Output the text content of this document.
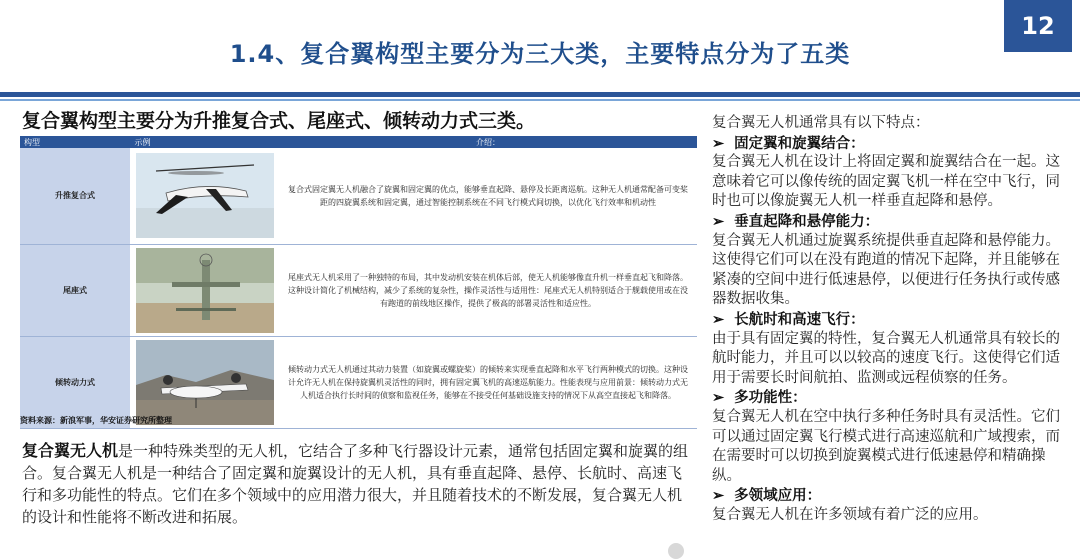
12
1.4、复合翼构型主要分为三大类，主要特点分为了五类
复合翼构型主要分为升推复合式、尾座式、倾转动力式三类。
构型	示例	介绍：
升推复合式		复合式固定翼无人机融合了旋翼和固定翼的优点，能够垂直起降、悬停及长距离巡航。这种无人机通常配备可变桨距的四旋翼系统和固定翼，通过智能控制系统在不同飞行模式间切换，以优化飞行效率和机动性
尾座式		尾座式无人机采用了一种独特的布局，其中发动机安装在机体后部，使无人机能够像直升机一样垂直起飞和降落。这种设计简化了机械结构，减少了系统的复杂性，操作灵活性与适用性：尾座式无人机特别适合于舰载使用或在没有跑道的前线地区操作，提供了极高的部署灵活性和适应性。
倾转动力式		倾转动力式无人机通过其动力装置（如旋翼或螺旋桨）的倾转来实现垂直起降和水平飞行两种模式的切换。这种设计允许无人机在保持旋翼机灵活性的同时，拥有固定翼飞机的高速巡航能力。性能表现与应用前景：倾转动力式无人机适合执行长时间的侦察和监视任务，能够在不接受任何基础设施支持的情况下从高空直接起飞和降落。
资料来源：新浪军事，华安证券研究所整理
复合翼无人机是一种特殊类型的无人机，它结合了多种飞行器设计元素，通常包括固定翼和旋翼的组合。复合翼无人机是一种结合了固定翼和旋翼设计的无人机，具有垂直起降、悬停、长航时、高速飞行和多功能性的特点。它们在多个领域中的应用潜力很大，并且随着技术的不断发展，复合翼无人机的设计和性能将不断改进和拓展。

复合翼无人机通常具有以下特点：

➢ 固定翼和旋翼结合：

复合翼无人机在设计上将固定翼和旋翼结合在一起。这意味着它可以像传统的固定翼飞机一样在空中飞行，同时也可以像旋翼无人机一样垂直起降和悬停。

➢ 垂直起降和悬停能力：

复合翼无人机通过旋翼系统提供垂直起降和悬停能力。这使得它们可以在没有跑道的情况下起降，并且能够在紧凑的空间中进行低速悬停，以便进行任务执行或传感器数据收集。

➢ 长航时和高速飞行：

由于具有固定翼的特性，复合翼无人机通常具有较长的航时能力，并且可以以较高的速度飞行。这使得它们适用于需要长时间航拍、监测或远程侦察的任务。

➢ 多功能性：

复合翼无人机在空中执行多种任务时具有灵活性。它们可以通过固定翼飞行模式进行高速巡航和广域搜索，而在需要时可以切换到旋翼模式进行低速悬停和精确操纵。

➢ 多领域应用：

复合翼无人机在许多领域有着广泛的应用。
